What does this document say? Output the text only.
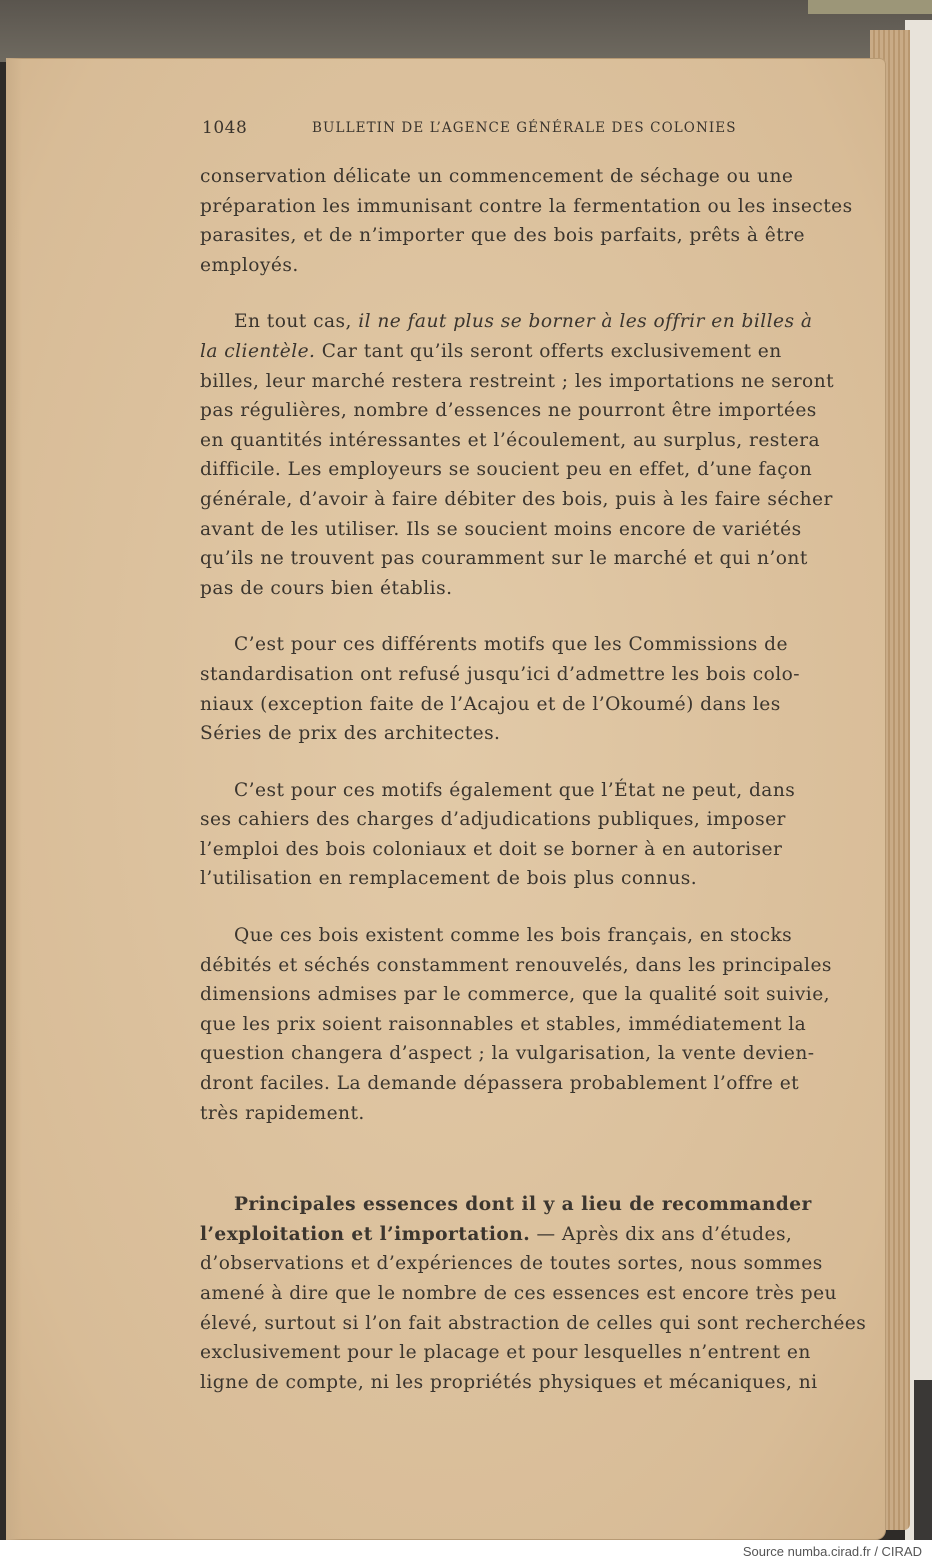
1048	BULLETIN DE L’AGENCE GÉNÉRALE DES COLONIES

conservation délicate un commencement de séchage ou une
préparation les immunisant contre la fermentation ou les insectes
parasites, et de n’importer que des bois parfaits, prêts à être
employés.

En tout cas, il ne faut plus se borner à les offrir en billes à
la clientèle. Car tant qu’ils seront offerts exclusivement en
billes, leur marché restera restreint ; les importations ne seront
pas régulières, nombre d’essences ne pourront être importées
en quantités intéressantes et l’écoulement, au surplus, restera
difficile. Les employeurs se soucient peu en effet, d’une façon
générale, d’avoir à faire débiter des bois, puis à les faire sécher
avant de les utiliser. Ils se soucient moins encore de variétés
qu’ils ne trouvent pas couramment sur le marché et qui n’ont
pas de cours bien établis.

C’est pour ces différents motifs que les Commissions de
standardisation ont refusé jusqu’ici d’admettre les bois colo-
niaux (exception faite de l’Acajou et de l’Okoumé) dans les
Séries de prix des architectes.

C’est pour ces motifs également que l’État ne peut, dans
ses cahiers des charges d’adjudications publiques, imposer
l’emploi des bois coloniaux et doit se borner à en autoriser
l’utilisation en remplacement de bois plus connus.

Que ces bois existent comme les bois français, en stocks
débités et séchés constamment renouvelés, dans les principales
dimensions admises par le commerce, que la qualité soit suivie,
que les prix soient raisonnables et stables, immédiatement la
question changera d’aspect ; la vulgarisation, la vente devien-
dront faciles. La demande dépassera probablement l’offre et
très rapidement.

Principales essences dont il y a lieu de recommander
l’exploitation et l’importation. — Après dix ans d’études,
d’observations et d’expériences de toutes sortes, nous sommes
amené à dire que le nombre de ces essences est encore très peu
élevé, surtout si l’on fait abstraction de celles qui sont recherchées
exclusivement pour le placage et pour lesquelles n’entrent en
ligne de compte, ni les propriétés physiques et mécaniques, ni

Source numba.cirad.fr / CIRAD
